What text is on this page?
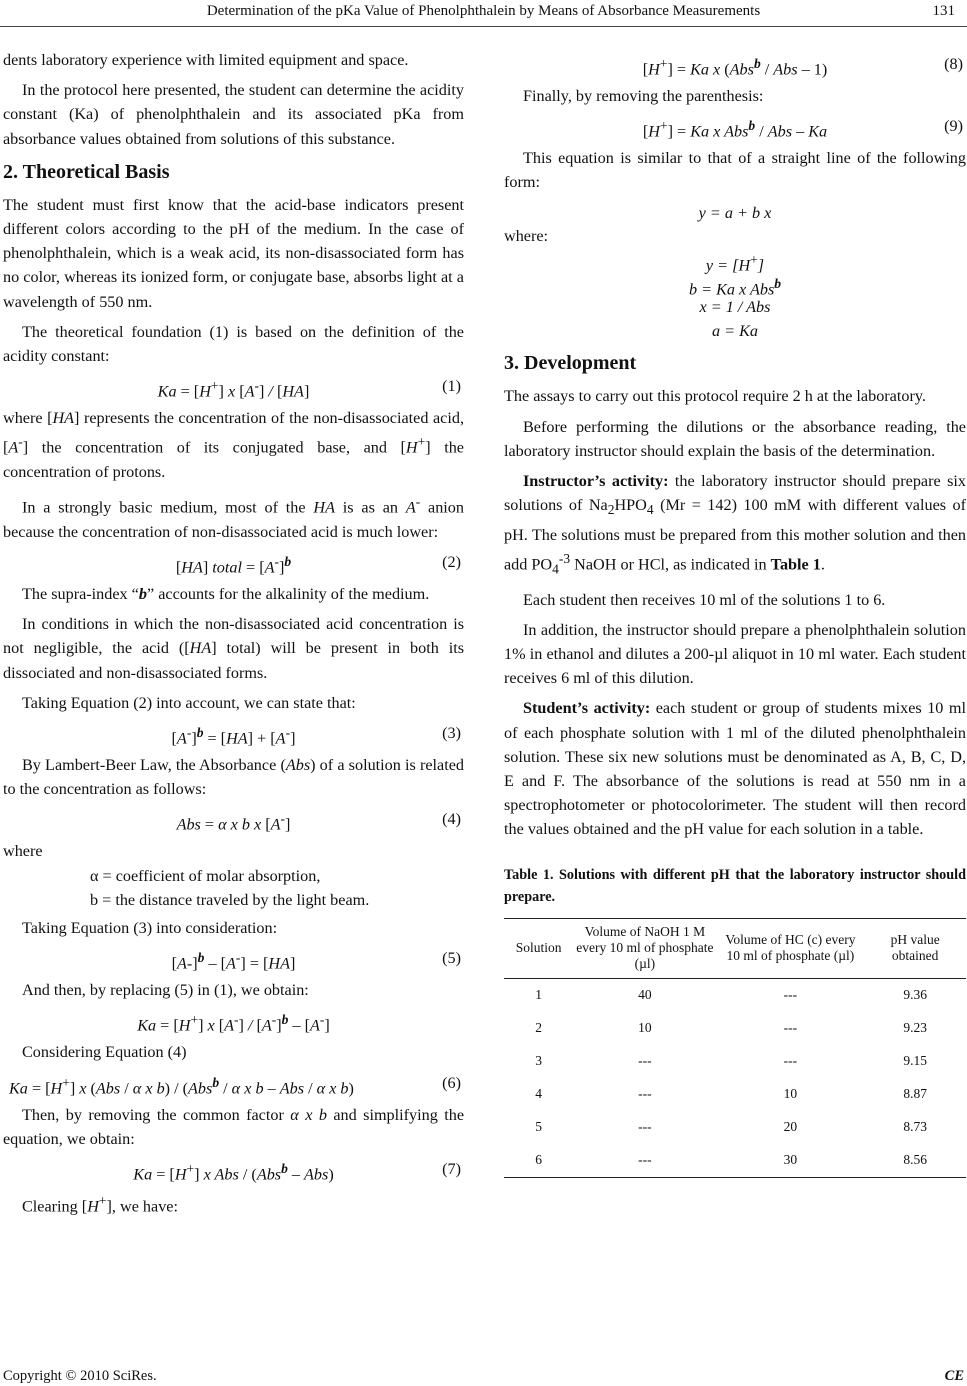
Determination of the pKa Value of Phenolphthalein by Means of Absorbance Measurements	131

dents laboratory experience with limited equipment and space.

In the protocol here presented, the student can determine the acidity constant (Ka) of phenolphthalein and its associated pKa from absorbance values obtained from solutions of this substance.

2. Theoretical Basis

The student must first know that the acid-base indicators present different colors according to the pH of the medium. In the case of phenolphthalein, which is a weak acid, its non-disassociated form has no color, whereas its ionized form, or conjugate base, absorbs light at a wavelength of 550 nm.

The theoretical foundation (1) is based on the definition of the acidity constant:

Ka = [H+] x [A-] / [HA]	(1)

where [HA] represents the concentration of the non-disassociated acid, [A-] the concentration of its conjugated base, and [H+] the concentration of protons.

In a strongly basic medium, most of the HA is as an A- anion because the concentration of non-disassociated acid is much lower:

[HA] total = $[A^-]^b$	(2)

The supra-index “b” accounts for the alkalinity of the medium.

In conditions in which the non-disassociated acid concentration is not negligible, the acid ([HA] total) will be present in both its dissociated and non-disassociated forms.

Taking Equation (2) into account, we can state that:

$[A^-]^b = [HA] + [A^-]$	(3)

By Lambert-Beer Law, the Absorbance (Abs) of a solution is related to the concentration as follows:

Abs = α x b x [A-]	(4)

where

α = coefficient of molar absorption,
b = the distance traveled by the light beam.

Taking Equation (3) into consideration:

$[A-]^b - [A^-] = [HA]$	(5)

And then, by replacing (5) in (1), we obtain:

Ka = [H+] x $[A^-] / [A^-]^b - [A^-]$

Considering Equation (4)

Ka = [H+] x (Abs / α x b) / (Abs$^b$ / α x b – Abs / α x b)	(6)

Then, by removing the common factor α x b and simplifying the equation, we obtain:

Ka = [H+] x Abs / (Abs$^b$ – Abs)	(7)

Clearing [H+], we have:

[H+] = Ka x (Abs$^b$ / Abs – 1)	(8)

Finally, by removing the parenthesis:

[H+] = Ka x Abs$^b$ / Abs – Ka	(9)

This equation is similar to that of a straight line of the following form:

y = a + b x

where:

y = [H+]
b = Ka x Abs$^b$
x = 1 / Abs
a = Ka
3. Development

The assays to carry out this protocol require 2 h at the laboratory.

Before performing the dilutions or the absorbance reading, the laboratory instructor should explain the basis of the determination.

Instructor’s activity: the laboratory instructor should prepare six solutions of $Na_2HPO_4$ (Mr = 142) 100 mM with different values of pH. The solutions must be prepared from this mother solution and then add $PO_4^{-3}$ NaOH or HCl, as indicated in Table 1.

Each student then receives 10 ml of the solutions 1 to 6.

In addition, the instructor should prepare a phenolphthalein solution 1% in ethanol and dilutes a 200-µl aliquot in 10 ml water. Each student receives 6 ml of this dilution.

Student’s activity: each student or group of students mixes 10 ml of each phosphate solution with 1 ml of the diluted phenolphthalein solution. These six new solutions must be denominated as A, B, C, D, E and F. The absorbance of the solutions is read at 550 nm in a spectrophotometer or photocolorimeter. The student will then record the values obtained and the pH value for each solution in a table.

Table 1. Solutions with different pH that the laboratory instructor should prepare.
Solution	Volume of NaOH 1 M every 10 ml of phosphate (µl)	Volume of HC (c) every 10 ml of phosphate (µl)	pH value obtained
1	40	---	9.36
2	10	---	9.23
3	---	---	9.15
4	---	10	8.87
5	---	20	8.73
6	---	30	8.56
Copyright © 2010 SciRes.	CE
